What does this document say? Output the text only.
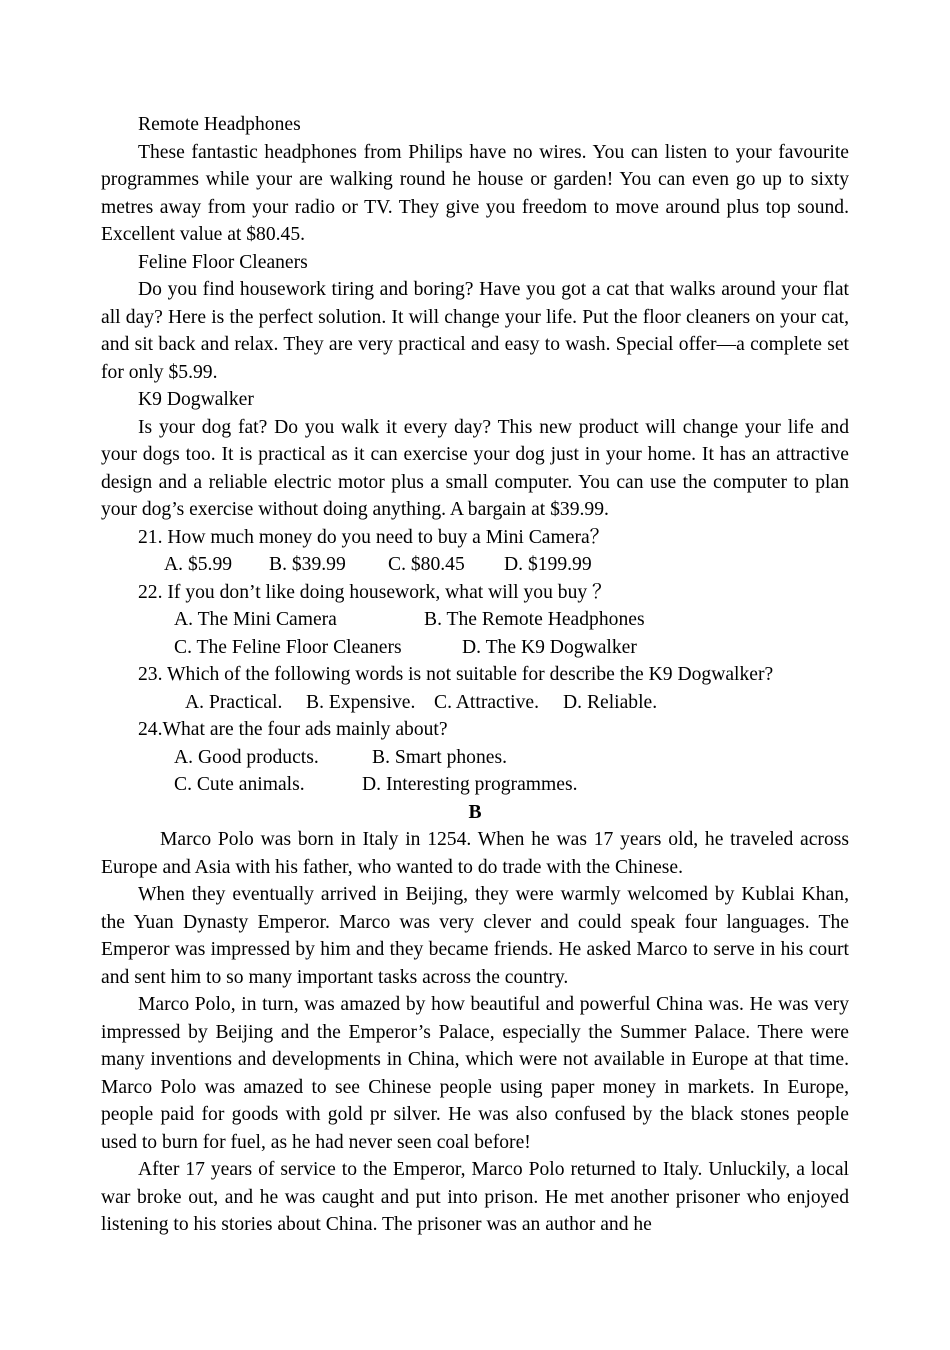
Remote Headphones

These fantastic headphones from Philips have no wires. You can listen to your favourite programmes while your are walking round he house or garden! You can even go up to sixty metres away from your radio or TV. They give you freedom to move around plus top sound. Excellent value at $80.45.

Feline Floor Cleaners

Do you find housework tiring and boring? Have you got a cat that walks around your flat all day? Here is the perfect solution. It will change your life. Put the floor cleaners on your cat, and sit back and relax. They are very practical and easy to wash. Special offer—a complete set for only $5.99.

K9 Dogwalker

Is your dog fat? Do you walk it every day? This new product will change your life and your dogs too. It is practical as it can exercise your dog just in your home. It has an attractive design and a reliable electric motor plus a small computer. You can use the computer to plan your dog’s exercise without doing anything. A bargain at $39.99.

21. How much money do you need to buy a Mini Camera？

A. $5.99 B. $39.99 C. $80.45 D. $199.99

22. If you don’t like doing housework, what will you buy ？

A. The Mini Camera	B. The Remote Headphones
C. The Feline Floor Cleaners	D. The K9 Dogwalker

23. Which of the following words is not suitable for describe the K9 Dogwalker?

A. Practical. B. Expensive. C. Attractive. D. Reliable.

24.What are the four ads mainly about?

A. Good products.	B. Smart phones.
C. Cute animals.	D. Interesting programmes.

B

Marco Polo was born in Italy in 1254. When he was 17 years old, he traveled across Europe and Asia with his father, who wanted to do trade with the Chinese.

When they eventually arrived in Beijing, they were warmly welcomed by Kublai Khan, the Yuan Dynasty Emperor. Marco was very clever and could speak four languages. The Emperor was impressed by him and they became friends. He asked Marco to serve in his court and sent him to so many important tasks across the country.

Marco Polo, in turn, was amazed by how beautiful and powerful China was. He was very impressed by Beijing and the Emperor’s Palace, especially the Summer Palace. There were many inventions and developments in China, which were not available in Europe at that time. Marco Polo was amazed to see Chinese people using paper money in markets. In Europe, people paid for goods with gold pr silver. He was also confused by the black stones people used to burn for fuel, as he had never seen coal before!

After 17 years of service to the Emperor, Marco Polo returned to Italy. Unluckily, a local war broke out, and he was caught and put into prison. He met another prisoner who enjoyed listening to his stories about China. The prisoner was an author and he
